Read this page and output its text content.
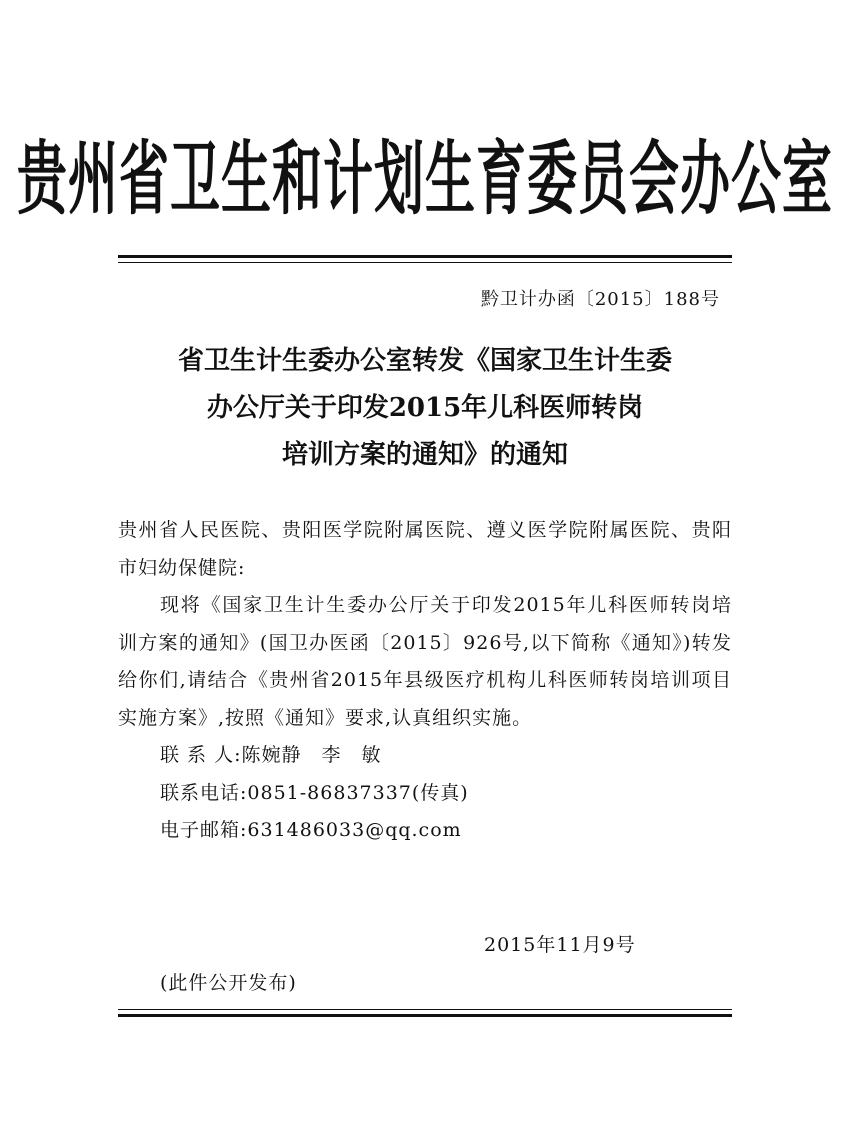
贵州省卫生和计划生育委员会办公室
黔卫计办函〔2015〕188号
省卫生计生委办公室转发《国家卫生计生委
办公厅关于印发2015年儿科医师转岗
培训方案的通知》的通知

贵州省人民医院、贵阳医学院附属医院、遵义医学院附属医院、贵阳市妇幼保健院:

现将《国家卫生计生委办公厅关于印发2015年儿科医师转岗培训方案的通知》(国卫办医函〔2015〕926号,以下简称《通知》)转发给你们,请结合《贵州省2015年县级医疗机构儿科医师转岗培训项目实施方案》,按照《通知》要求,认真组织实施。

联 系 人:陈婉静　李　敏

联系电话:0851-86837337(传真)

电子邮箱:631486033@qq.com

2015年11月9号
(此件公开发布)
